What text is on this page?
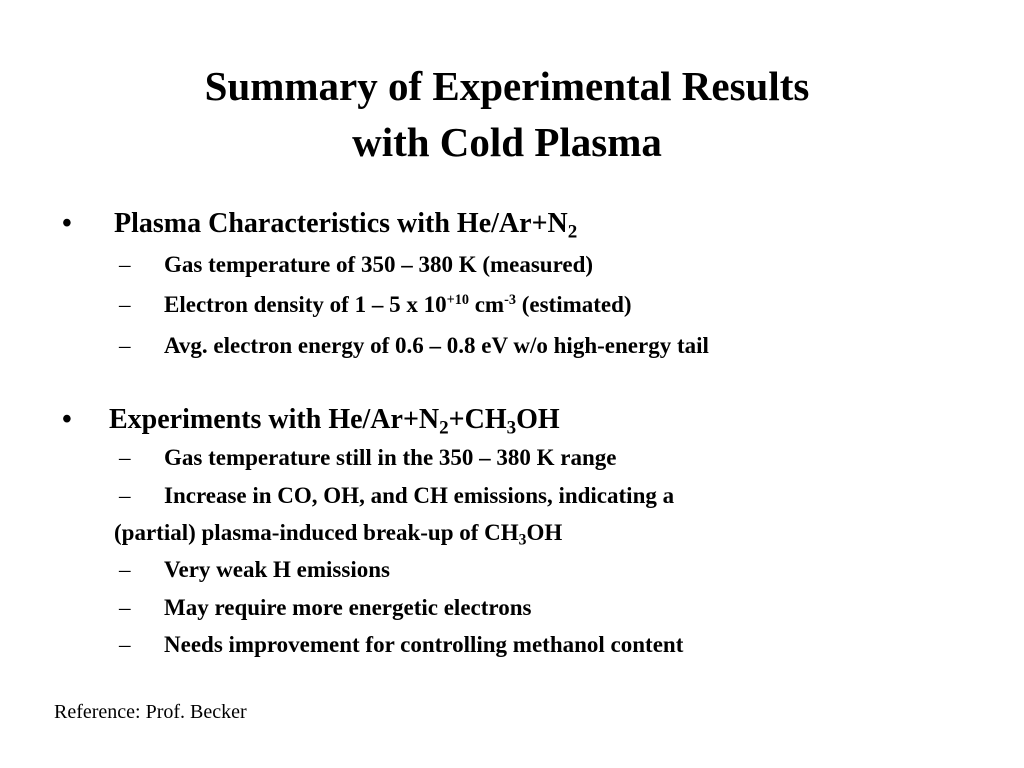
Summary of Experimental Results
with Cold Plasma
• Plasma Characteristics with $He/Ar+N_2$
– Gas temperature of 350 – 380 K (measured)
– Electron density of 1 – 5 x $10^{+10}$ $cm^{-3}$ (estimated)
– Avg. electron energy of 0.6 – 0.8 eV w/o high-energy tail
• Experiments with $He/Ar+N_2+CH_3OH$
– Gas temperature still in the 350 – 380 K range
– Increase in CO, OH, and CH emissions, indicating a
(partial) plasma-induced break-up of $CH_3OH$
– Very weak H emissions
– May require more energetic electrons
– Needs improvement for controlling methanol content
Reference: Prof. Becker
